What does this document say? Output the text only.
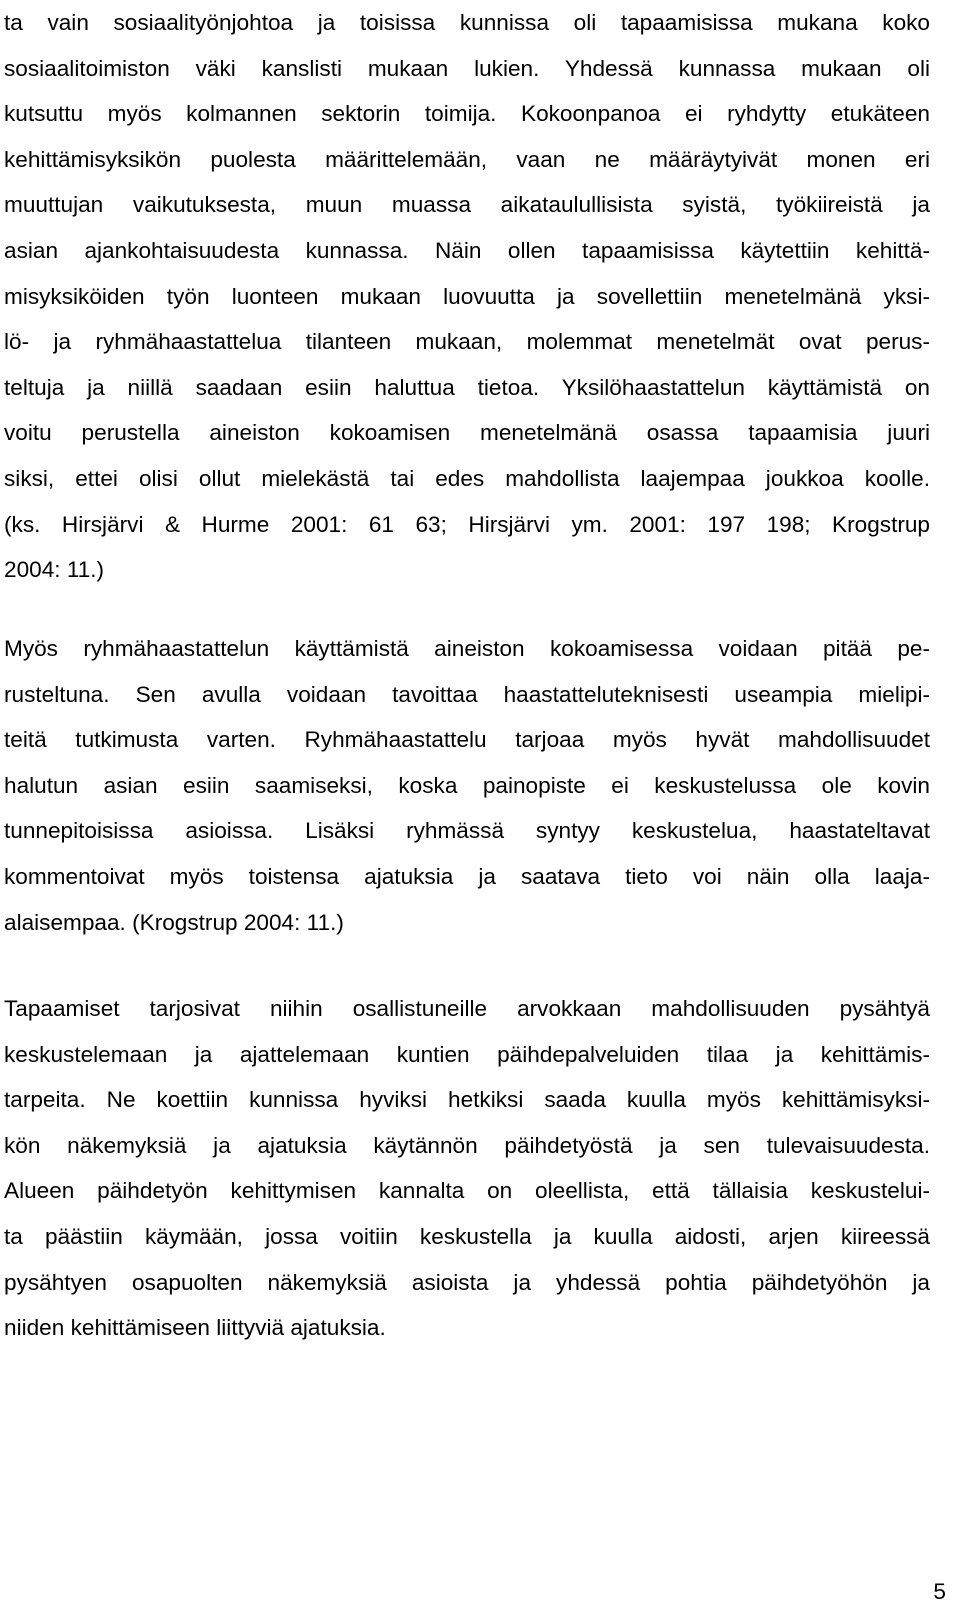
ta vain sosiaalityönjohtoa ja toisissa kunnissa oli tapaamisissa mukana koko
sosiaalitoimiston väki kanslisti mukaan lukien. Yhdessä kunnassa mukaan oli
kutsuttu myös kolmannen sektorin toimija. Kokoonpanoa ei ryhdytty etukäteen
kehittämisyksikön puolesta määrittelemään, vaan ne määräytyivät monen eri
muuttujan vaikutuksesta, muun muassa aikataulullisista syistä, työkiireistä ja
asian ajankohtaisuudesta kunnassa. Näin ollen tapaamisissa käytettiin kehittä-
misyksiköiden työn luonteen mukaan luovuutta ja sovellettiin menetelmänä yksi-
lö- ja ryhmähaastattelua tilanteen mukaan, molemmat menetelmät ovat perus-
teltuja ja niillä saadaan esiin haluttua tietoa. Yksilöhaastattelun käyttämistä on
voitu perustella aineiston kokoamisen menetelmänä osassa tapaamisia juuri
siksi, ettei olisi ollut mielekästä tai edes mahdollista laajempaa joukkoa koolle.
(ks. Hirsjärvi & Hurme 2001: 61 63; Hirsjärvi ym. 2001: 197 198; Krogstrup
2004: 11.)
Myös ryhmähaastattelun käyttämistä aineiston kokoamisessa voidaan pitää pe-
rusteltuna. Sen avulla voidaan tavoittaa haastatteluteknisesti useampia mielipi-
teitä tutkimusta varten. Ryhmähaastattelu tarjoaa myös hyvät mahdollisuudet
halutun asian esiin saamiseksi, koska painopiste ei keskustelussa ole kovin
tunnepitoisissa asioissa. Lisäksi ryhmässä syntyy keskustelua, haastateltavat
kommentoivat myös toistensa ajatuksia ja saatava tieto voi näin olla laaja-
alaisempaa. (Krogstrup 2004: 11.)
Tapaamiset tarjosivat niihin osallistuneille arvokkaan mahdollisuuden pysähtyä
keskustelemaan ja ajattelemaan kuntien päihdepalveluiden tilaa ja kehittämis-
tarpeita. Ne koettiin kunnissa hyviksi hetkiksi saada kuulla myös kehittämisyksi-
kön näkemyksiä ja ajatuksia käytännön päihdetyöstä ja sen tulevaisuudesta.
Alueen päihdetyön kehittymisen kannalta on oleellista, että tällaisia keskusteluі-
ta päästiin käymään, jossa voitiin keskustella ja kuulla aidosti, arjen kiireessä
pysähtyen osapuolten näkemyksiä asioista ja yhdessä pohtia päihdetyöhön ja
niiden kehittämiseen liittyviä ajatuksia.
5
